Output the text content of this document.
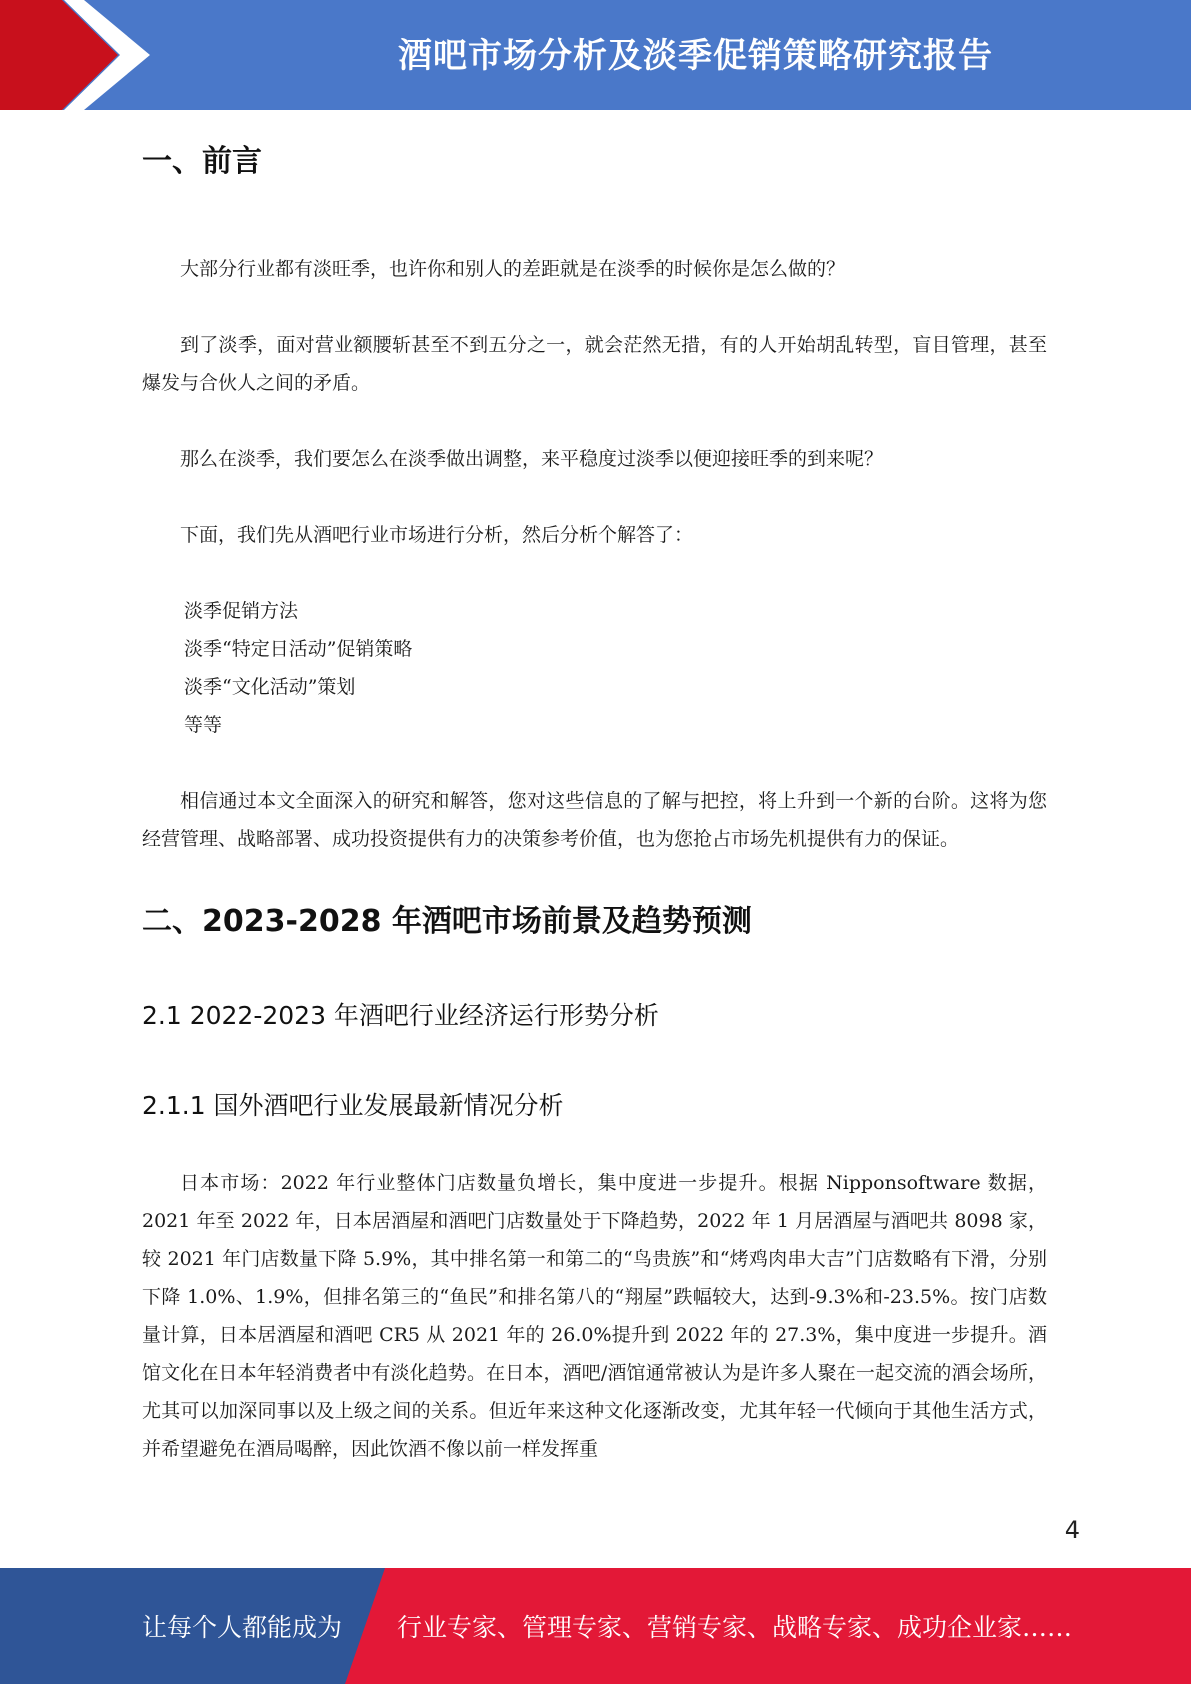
酒吧市场分析及淡季促销策略研究报告
一、前言

大部分行业都有淡旺季，也许你和别人的差距就是在淡季的时候你是怎么做的？

到了淡季，面对营业额腰斩甚至不到五分之一，就会茫然无措，有的人开始胡乱转型，盲目管理，甚至爆发与合伙人之间的矛盾。

那么在淡季，我们要怎么在淡季做出调整，来平稳度过淡季以便迎接旺季的到来呢？

下面，我们先从酒吧行业市场进行分析，然后分析个解答了：

淡季促销方法

淡季“特定日活动”促销策略

淡季“文化活动”策划

等等

相信通过本文全面深入的研究和解答，您对这些信息的了解与把控，将上升到一个新的台阶。这将为您经营管理、战略部署、成功投资提供有力的决策参考价值，也为您抢占市场先机提供有力的保证。

二、2023-2028 年酒吧市场前景及趋势预测
2.1 2022-2023 年酒吧行业经济运行形势分析
2.1.1 国外酒吧行业发展最新情况分析

日本市场：2022 年行业整体门店数量负增长，集中度进一步提升。根据 Nipponsoftware 数据，2021 年至 2022 年，日本居酒屋和酒吧门店数量处于下降趋势，2022 年 1 月居酒屋与酒吧共 8098 家，较 2021 年门店数量下降 5.9%，其中排名第一和第二的“鸟贵族”和“烤鸡肉串大吉”门店数略有下滑，分别下降 1.0%、1.9%，但排名第三的“鱼民”和排名第八的“翔屋”跌幅较大，达到-9.3%和-23.5%。按门店数量计算，日本居酒屋和酒吧 CR5 从 2021 年的 26.0%提升到 2022 年的 27.3%，集中度进一步提升。酒馆文化在日本年轻消费者中有淡化趋势。在日本，酒吧/酒馆通常被认为是许多人聚在一起交流的酒会场所，尤其可以加深同事以及上级之间的关系。但近年来这种文化逐渐改变，尤其年轻一代倾向于其他生活方式，并希望避免在酒局喝醉，因此饮酒不像以前一样发挥重

4
让每个人都能成为 行业专家、管理专家、营销专家、战略专家、成功企业家……
